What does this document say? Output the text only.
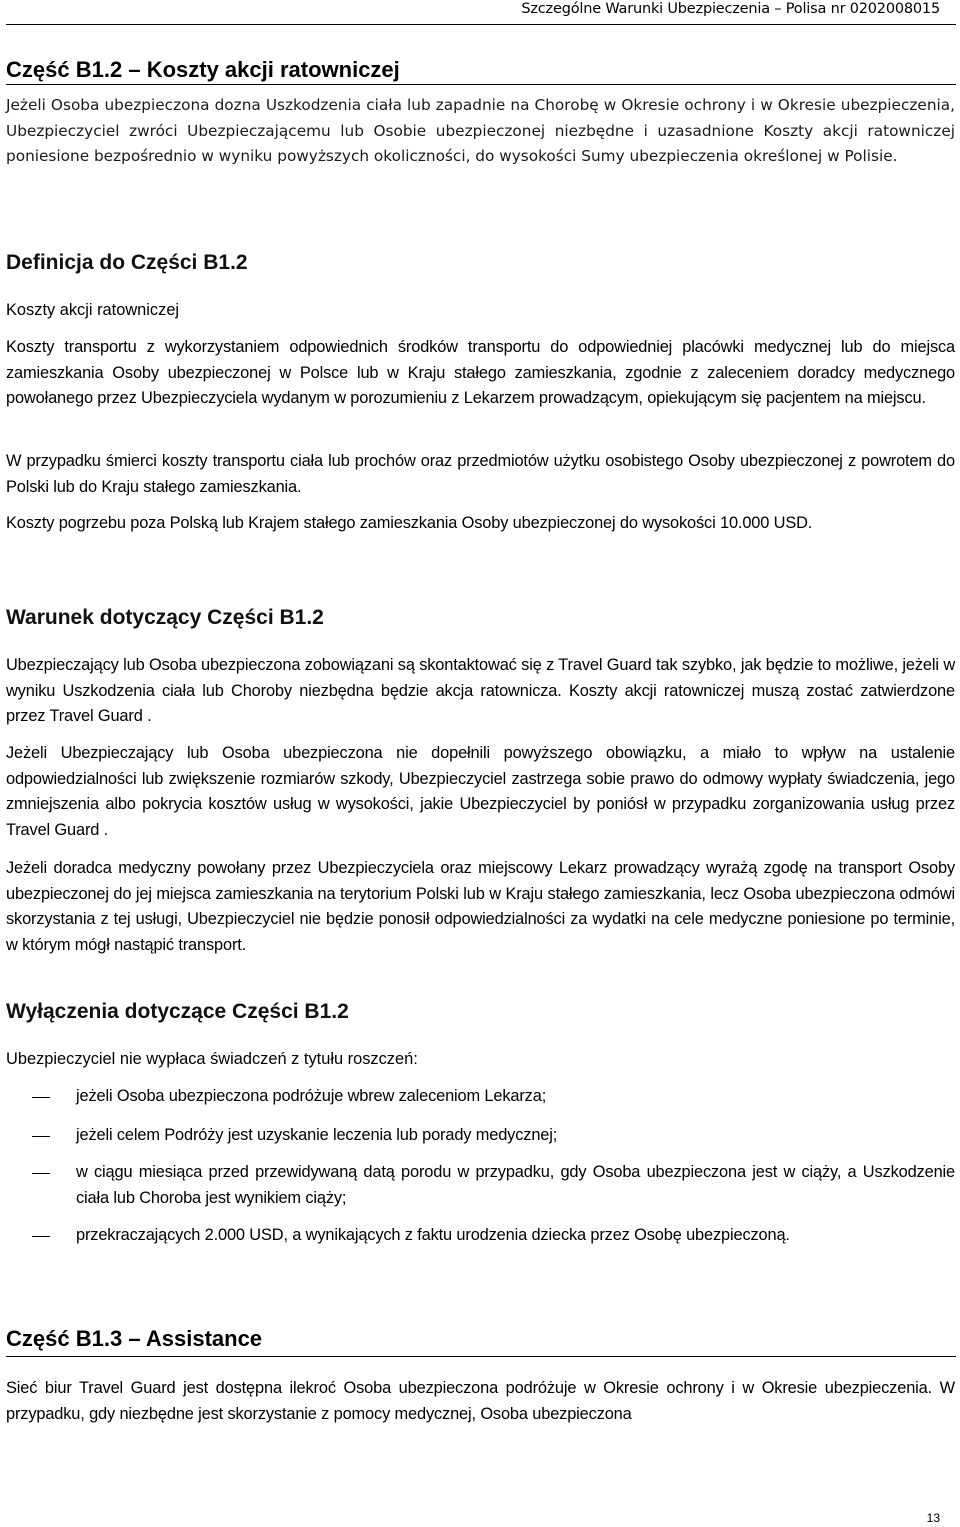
Szczególne Warunki Ubezpieczenia – Polisa nr 0202008015
Część B1.2 – Koszty akcji ratowniczej

Jeżeli Osoba ubezpieczona dozna Uszkodzenia ciała lub zapadnie na Chorobę w Okresie ochrony i w Okresie ubezpieczenia, Ubezpieczyciel zwróci Ubezpieczającemu lub Osobie ubezpieczonej niezbędne i uzasadnione Koszty akcji ratowniczej poniesione bezpośrednio w wyniku powyższych okoliczności, do wysokości Sumy ubezpieczenia określonej w Polisie.

Definicja do Części B1.2

Koszty akcji ratowniczej

Koszty transportu z wykorzystaniem odpowiednich środków transportu do odpowiedniej placówki medycznej lub do miejsca zamieszkania Osoby ubezpieczonej w Polsce lub w Kraju stałego zamieszkania, zgodnie z zaleceniem doradcy medycznego powołanego przez Ubezpieczyciela wydanym w porozumieniu z Lekarzem prowadzącym, opiekującym się pacjentem na miejscu.

W przypadku śmierci koszty transportu ciała lub prochów oraz przedmiotów użytku osobistego Osoby ubezpieczonej z powrotem do Polski lub do Kraju stałego zamieszkania.

Koszty pogrzebu poza Polską lub Krajem stałego zamieszkania Osoby ubezpieczonej do wysokości 10.000 USD.

Warunek dotyczący Części B1.2

Ubezpieczający lub Osoba ubezpieczona zobowiązani są skontaktować się z Travel Guard tak szybko, jak będzie to możliwe, jeżeli w wyniku Uszkodzenia ciała lub Choroby niezbędna będzie akcja ratownicza. Koszty akcji ratowniczej muszą zostać zatwierdzone przez Travel Guard .

Jeżeli Ubezpieczający lub Osoba ubezpieczona nie dopełnili powyższego obowiązku, a miało to wpływ na ustalenie odpowiedzialności lub zwiększenie rozmiarów szkody, Ubezpieczyciel zastrzega sobie prawo do odmowy wypłaty świadczenia, jego zmniejszenia albo pokrycia kosztów usług w wysokości, jakie Ubezpieczyciel by poniósł w przypadku zorganizowania usług przez Travel Guard .

Jeżeli doradca medyczny powołany przez Ubezpieczyciela oraz miejscowy Lekarz prowadzący wyrażą zgodę na transport Osoby ubezpieczonej do jej miejsca zamieszkania na terytorium Polski lub w Kraju stałego zamieszkania, lecz Osoba ubezpieczona odmówi skorzystania z tej usługi, Ubezpieczyciel nie będzie ponosił odpowiedzialności za wydatki na cele medyczne poniesione po terminie, w którym mógł nastąpić transport.

Wyłączenia dotyczące Części B1.2

Ubezpieczyciel nie wypłaca świadczeń z tytułu roszczeń:

jeżeli Osoba ubezpieczona podróżuje wbrew zaleceniom Lekarza;
jeżeli celem Podróży jest uzyskanie leczenia lub porady medycznej;
w ciągu miesiąca przed przewidywaną datą porodu w przypadku, gdy Osoba ubezpieczona jest w ciąży, a Uszkodzenie ciała lub Choroba jest wynikiem ciąży;
przekraczających 2.000 USD, a wynikających z faktu urodzenia dziecka przez Osobę ubezpieczoną.
Część B1.3 – Assistance

Sieć biur Travel Guard jest dostępna ilekroć Osoba ubezpieczona podróżuje w Okresie ochrony i w Okresie ubezpieczenia. W przypadku, gdy niezbędne jest skorzystanie z pomocy medycznej, Osoba ubezpieczona

13
